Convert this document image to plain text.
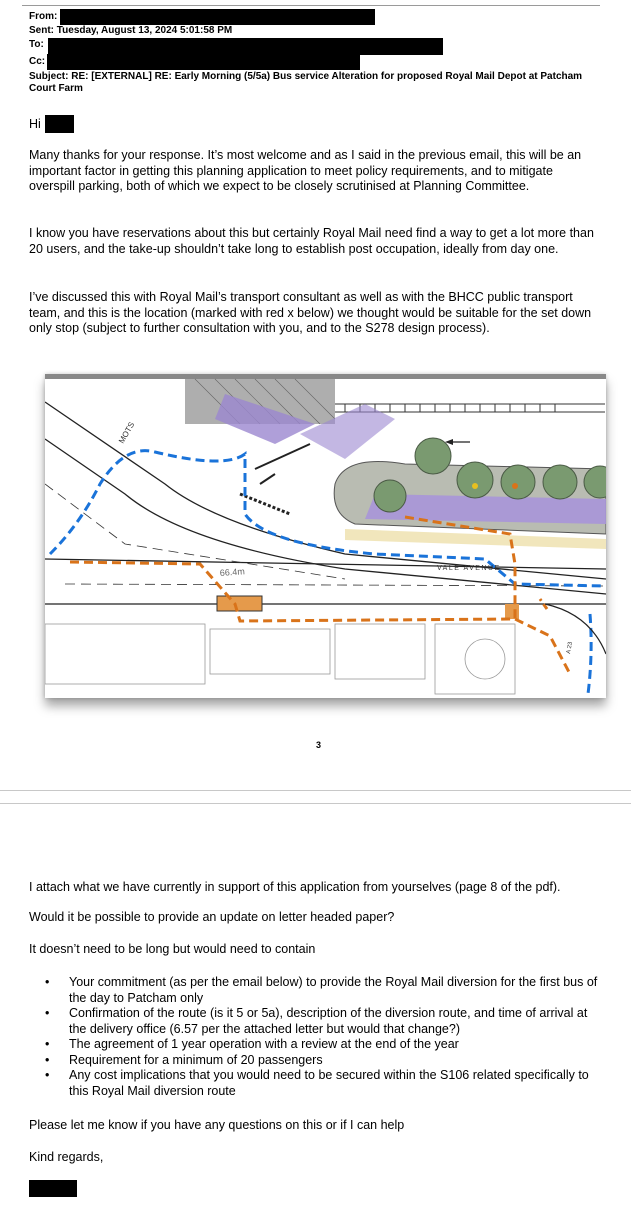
From:
Sent: Tuesday, August 13, 2024 5:01:58 PM
To:
Cc:
Subject: RE: [EXTERNAL] RE: Early Morning (5/5a) Bus service Alteration for proposed Royal Mail Depot at Patcham Court Farm
Hi

Many thanks for your response. It’s most welcome and as I said in the previous email, this will be an important factor in getting this planning application to meet policy requirements, and to mitigate overspill parking, both of which we expect to be closely scrutinised at Planning Committee.

I know you have reservations about this but certainly Royal Mail need find a way to get a lot more than 20 users, and the take-up shouldn’t take long to establish post occupation, ideally from day one.

I’ve discussed this with Royal Mail’s transport consultant as well as with the BHCC public transport team, and this is the location (marked with red x below) we thought would be suitable for the set down only stop (subject to further consultation with you, and to the S278 design process).

VALE AVENUE
MOTS
66.4m
A 23
3

I attach what we have currently in support of this application from yourselves (page 8 of the pdf).

Would it be possible to provide an update on letter headed paper?

It doesn’t need to be long but would need to contain

• Your commitment (as per the email below) to provide the Royal Mail diversion for the first bus of the day to Patcham only
• Confirmation of the route (is it 5 or 5a), description of the diversion route, and time of arrival at the delivery office (6.57 per the attached letter but would that change?)
• The agreement of 1 year operation with a review at the end of the year
• Requirement for a minimum of 20 passengers
• Any cost implications that you would need to be secured within the S106 related specifically to this Royal Mail diversion route

Please let me know if you have any questions on this or if I can help

Kind regards,
